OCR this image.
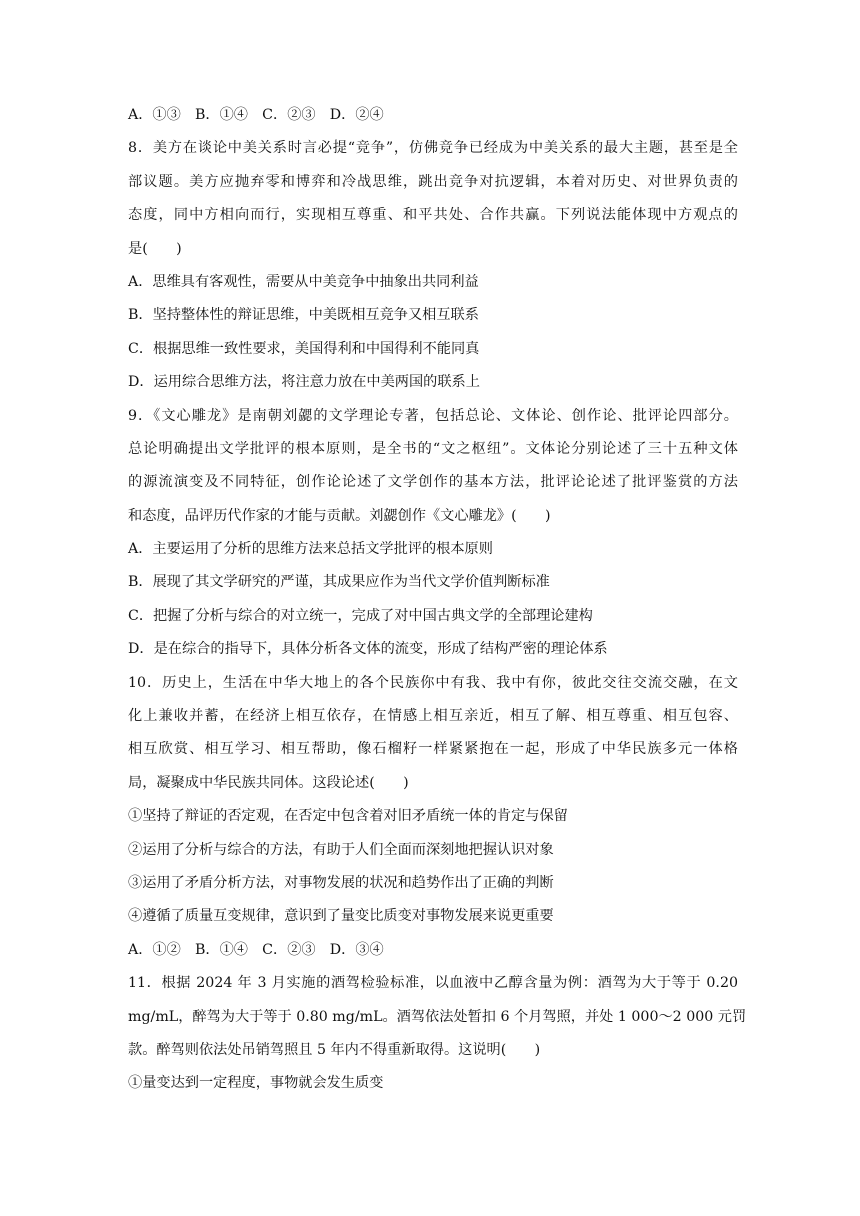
A．①③　B．①④　C．②③　D．②④
8．美方在谈论中美关系时言必提“竞争”，仿佛竞争已经成为中美关系的最大主题，甚至是全
部议题。美方应抛弃零和博弈和冷战思维，跳出竞争对抗逻辑，本着对历史、对世界负责的
态度，同中方相向而行，实现相互尊重、和平共处、合作共赢。下列说法能体现中方观点的
是(　　)
A．思维具有客观性，需要从中美竞争中抽象出共同利益
B．坚持整体性的辩证思维，中美既相互竞争又相互联系
C．根据思维一致性要求，美国得利和中国得利不能同真
D．运用综合思维方法，将注意力放在中美两国的联系上
9．《文心雕龙》是南朝刘勰的文学理论专著，包括总论、文体论、创作论、批评论四部分。
总论明确提出文学批评的根本原则，是全书的“文之枢纽”。文体论分别论述了三十五种文体
的源流演变及不同特征，创作论论述了文学创作的基本方法，批评论论述了批评鉴赏的方法
和态度，品评历代作家的才能与贡献。刘勰创作《文心雕龙》(　　)
A．主要运用了分析的思维方法来总括文学批评的根本原则
B．展现了其文学研究的严谨，其成果应作为当代文学价值判断标准
C．把握了分析与综合的对立统一，完成了对中国古典文学的全部理论建构
D．是在综合的指导下，具体分析各文体的流变，形成了结构严密的理论体系
10．历史上，生活在中华大地上的各个民族你中有我、我中有你，彼此交往交流交融，在文
化上兼收并蓄，在经济上相互依存，在情感上相互亲近，相互了解、相互尊重、相互包容、
相互欣赏、相互学习、相互帮助，像石榴籽一样紧紧抱在一起，形成了中华民族多元一体格
局，凝聚成中华民族共同体。这段论述(　　)
①坚持了辩证的否定观，在否定中包含着对旧矛盾统一体的肯定与保留
②运用了分析与综合的方法，有助于人们全面而深刻地把握认识对象
③运用了矛盾分析方法，对事物发展的状况和趋势作出了正确的判断
④遵循了质量互变规律，意识到了量变比质变对事物发展来说更重要
A．①②　B．①④　C．②③　D．③④
11．根据 2024 年 3 月实施的酒驾检验标准，以血液中乙醇含量为例：酒驾为大于等于 0.20
mg/mL，醉驾为大于等于 0.80 mg/mL。酒驾依法处暂扣 6 个月驾照，并处 1 000～2 000 元罚
款。醉驾则依法处吊销驾照且 5 年内不得重新取得。这说明(　　)
①量变达到一定程度，事物就会发生质变
